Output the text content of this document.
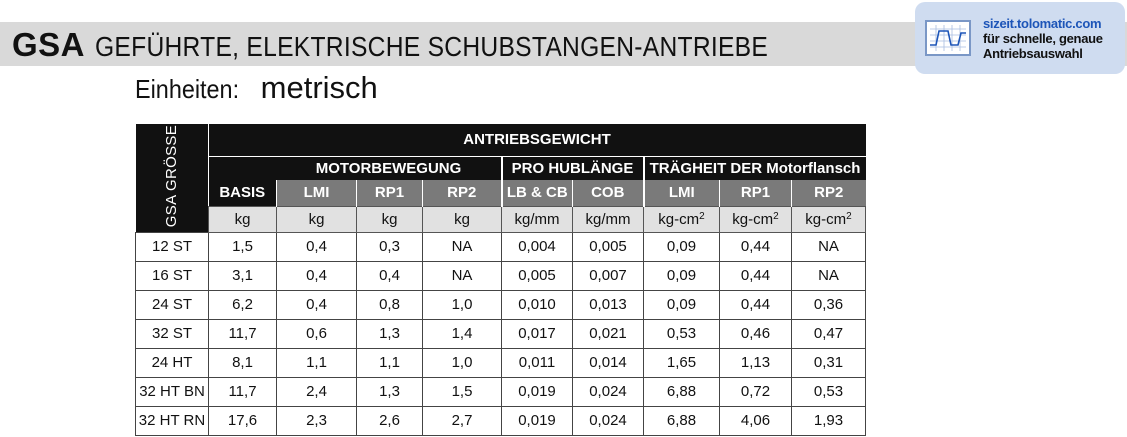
GSA GEFÜHRTE, ELEKTRISCHE SCHUBSTANGEN-ANTRIEBE
sizeit.tolomatic.com
für schnelle, genaue
Antriebsauswahl
Einheiten: metrisch
GSA GRÖSSE	ANTRIEBSGEWICHT								
		MOTORBEWEGUNG			PRO HUBLÄNGE		TRÄGHEIT DER Motorflansch		
	BASIS	LMI	RP1	RP2	LB & CB	COB	LMI	RP1	RP2
	kg	kg	kg	kg	kg/mm	kg/mm	$kg-cm^2$	$kg-cm^2$	$kg-cm^2$
12 ST	1,5	0,4	0,3	NA	0,004	0,005	0,09	0,44	NA
16 ST	3,1	0,4	0,4	NA	0,005	0,007	0,09	0,44	NA
24 ST	6,2	0,4	0,8	1,0	0,010	0,013	0,09	0,44	0,36
32 ST	11,7	0,6	1,3	1,4	0,017	0,021	0,53	0,46	0,47
24 HT	8,1	1,1	1,1	1,0	0,011	0,014	1,65	1,13	0,31
32 HT BN	11,7	2,4	1,3	1,5	0,019	0,024	6,88	0,72	0,53
32 HT RN	17,6	2,3	2,6	2,7	0,019	0,024	6,88	4,06	1,93
